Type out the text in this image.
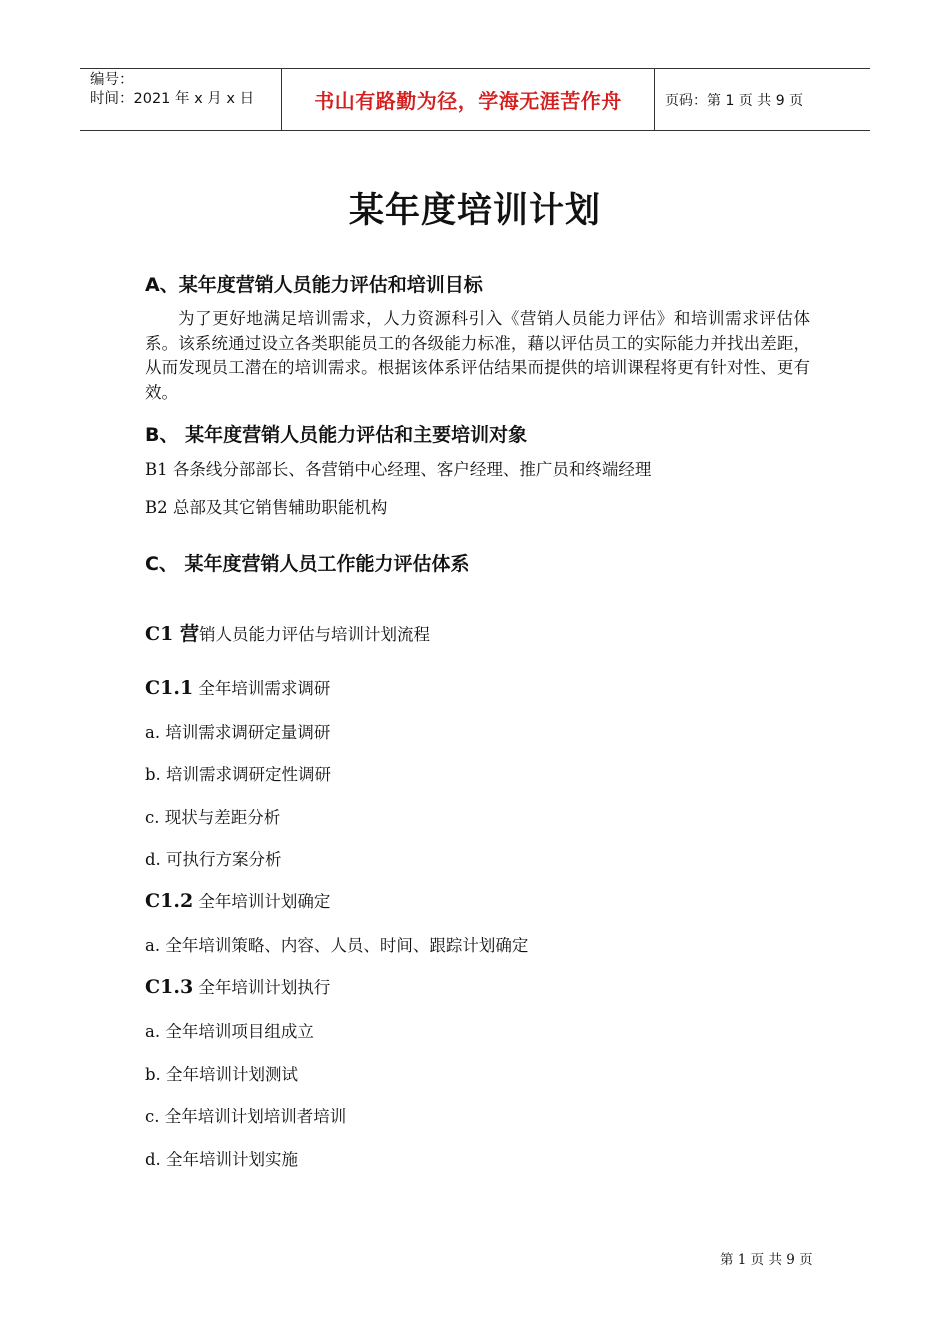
编号：
时间：2021 年 x 月 x 日	书山有路勤为径，学海无涯苦作舟	页码：第 1 页 共 9 页
某年度培训计划
A、某年度营销人员能力评估和培训目标
为了更好地满足培训需求，人力资源科引入《营销人员能力评估》和培训需求评估体系。该系统通过设立各类职能员工的各级能力标准，藉以评估员工的实际能力并找出差距，从而发现员工潜在的培训需求。根据该体系评估结果而提供的培训课程将更有针对性、更有效。
B、 某年度营销人员能力评估和主要培训对象
B1 各条线分部部长、各营销中心经理、客户经理、推广员和终端经理
B2 总部及其它销售辅助职能机构
C、 某年度营销人员工作能力评估体系
C1 营销人员能力评估与培训计划流程
C1.1 全年培训需求调研
a. 培训需求调研定量调研
b. 培训需求调研定性调研
c. 现状与差距分析
d. 可执行方案分析
C1.2 全年培训计划确定
a. 全年培训策略、内容、人员、时间、跟踪计划确定
C1.3 全年培训计划执行
a. 全年培训项目组成立
b. 全年培训计划测试
c. 全年培训计划培训者培训
d. 全年培训计划实施
第 1 页 共 9 页
